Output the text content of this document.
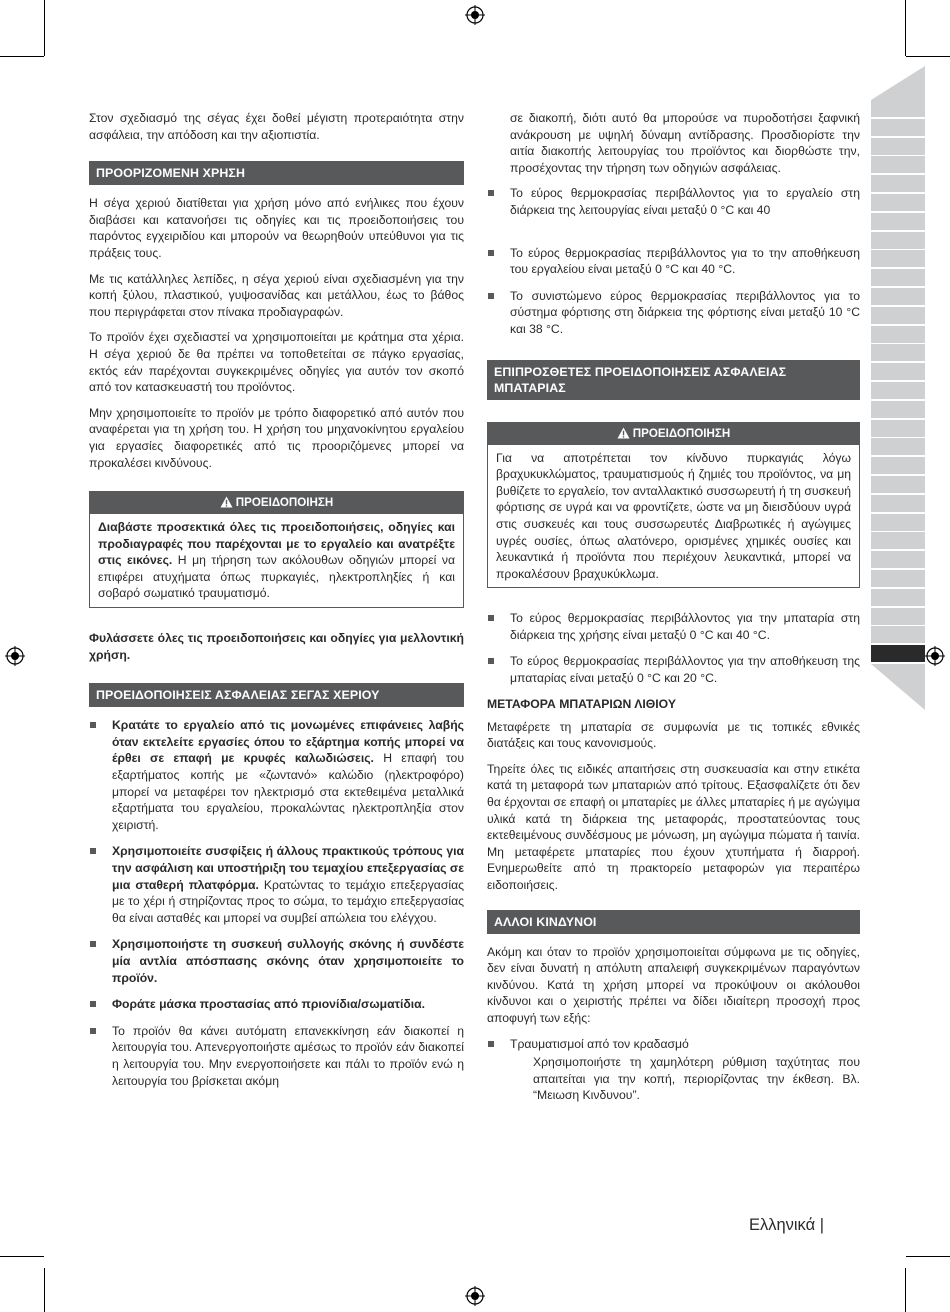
Στον σχεδιασμό της σέγας έχει δοθεί μέγιστη προτεραιότητα στην ασφάλεια, την απόδοση και την αξιοπιστία.

ΠΡΟΟΡΙΖΟΜΕΝΗ ΧΡΗΣΗ

Η σέγα χεριού διατίθεται για χρήση μόνο από ενήλικες που έχουν διαβάσει και κατανοήσει τις οδηγίες και τις προειδοποιήσεις του παρόντος εγχειριδίου και μπορούν να θεωρηθούν υπεύθυνοι για τις πράξεις τους.

Με τις κατάλληλες λεπίδες, η σέγα χεριού είναι σχεδιασμένη για την κοπή ξύλου, πλαστικού, γυψοσανίδας και μετάλλου, έως το βάθος που περιγράφεται στον πίνακα προδιαγραφών.

Το προϊόν έχει σχεδιαστεί να χρησιμοποιείται με κράτημα στα χέρια. Η σέγα χεριού δε θα πρέπει να τοποθετείται σε πάγκο εργασίας, εκτός εάν παρέχονται συγκεκριμένες οδηγίες για αυτόν τον σκοπό από τον κατασκευαστή του προϊόντος.

Μην χρησιμοποιείτε το προϊόν με τρόπο διαφορετικό από αυτόν που αναφέρεται για τη χρήση του. Η χρήση του μηχανοκίνητου εργαλείου για εργασίες διαφορετικές από τις προοριζόμενες μπορεί να προκαλέσει κινδύνους.

ΠΡΟΕΙΔΟΠΟΙΗΣΗ

Διαβάστε προσεκτικά όλες τις προειδοποιήσεις, οδηγίες και προδιαγραφές που παρέχονται με το εργαλείο και ανατρέξτε στις εικόνες. Η μη τήρηση των ακόλουθων οδηγιών μπορεί να επιφέρει ατυχήματα όπως πυρκαγιές, ηλεκτροπληξίες ή και σοβαρό σωματικό τραυματισμό.

Φυλάσσετε όλες τις προειδοποιήσεις και οδηγίες για μελλοντική χρήση.

ΠΡΟΕΙΔΟΠΟΙΗΣΕΙΣ ΑΣΦΑΛΕΙΑΣ ΣΕΓΑΣ ΧΕΡΙΟΥ
Κρατάτε το εργαλείο από τις μονωμένες επιφάνειες λαβής όταν εκτελείτε εργασίες όπου το εξάρτημα κοπής μπορεί να έρθει σε επαφή με κρυφές καλωδιώσεις. Η επαφή του εξαρτήματος κοπής με «ζωντανό» καλώδιο (ηλεκτροφόρο) μπορεί να μεταφέρει τον ηλεκτρισμό στα εκτεθειμένα μεταλλικά εξαρτήματα του εργαλείου, προκαλώντας ηλεκτροπληξία στον χειριστή.
Χρησιμοποιείτε συσφίξεις ή άλλους πρακτικούς τρόπους για την ασφάλιση και υποστήριξη του τεμαχίου επεξεργασίας σε μια σταθερή πλατφόρμα. Κρατώντας το τεμάχιο επεξεργασίας με το χέρι ή στηρίζοντας προς το σώμα, το τεμάχιο επεξεργασίας θα είναι ασταθές και μπορεί να συμβεί απώλεια του ελέγχου.
Χρησιμοποιήστε τη συσκευή συλλογής σκόνης ή συνδέστε μία αντλία απόσπασης σκόνης όταν χρησιμοποιείτε το προϊόν.
Φοράτε μάσκα προστασίας από πριονίδια/σωματίδια.
Το προϊόν θα κάνει αυτόματη επανεκκίνηση εάν διακοπεί η λειτουργία του. Απενεργοποιήστε αμέσως το προϊόν εάν διακοπεί η λειτουργία του. Μην ενεργοποιήσετε και πάλι το προϊόν ενώ η λειτουργία του βρίσκεται ακόμη

σε διακοπή, διότι αυτό θα μπορούσε να πυροδοτήσει ξαφνική ανάκρουση με υψηλή δύναμη αντίδρασης. Προσδιορίστε την αιτία διακοπής λειτουργίας του προϊόντος και διορθώστε την, προσέχοντας την τήρηση των οδηγιών ασφάλειας.

Το εύρος θερμοκρασίας περιβάλλοντος για το εργαλείο στη διάρκεια της λειτουργίας είναι μεταξύ 0 °C και 40
Το εύρος θερμοκρασίας περιβάλλοντος για το την αποθήκευση του εργαλείου είναι μεταξύ 0 °C και 40 °C.
Το συνιστώμενο εύρος θερμοκρασίας περιβάλλοντος για το σύστημα φόρτισης στη διάρκεια της φόρτισης είναι μεταξύ 10 °C και 38 °C.
ΕΠΙΠΡΟΣΘΕΤΕΣ ΠΡΟΕΙΔΟΠΟΙΗΣΕΙΣ ΑΣΦΑΛΕΙΑΣ ΜΠΑΤΑΡΙΑΣ
ΠΡΟΕΙΔΟΠΟΙΗΣΗ

Για να αποτρέπεται τον κίνδυνο πυρκαγιάς λόγω βραχυκυκλώματος, τραυματισμούς ή ζημιές του προϊόντος, να μη βυθίζετε το εργαλείο, τον ανταλλακτικό συσσωρευτή ή τη συσκευή φόρτισης σε υγρά και να φροντίζετε, ώστε να μη διεισδύουν υγρά στις συσκευές και τους συσσωρευτές Διαβρωτικές ή αγώγιμες υγρές ουσίες, όπως αλατόνερο, ορισμένες χημικές ουσίες και λευκαντικά ή προϊόντα που περιέχουν λευκαντικά, μπορεί να προκαλέσουν βραχυκύκλωμα.

Το εύρος θερμοκρασίας περιβάλλοντος για την μπαταρία στη διάρκεια της χρήσης είναι μεταξύ 0 °C και 40 °C.
Το εύρος θερμοκρασίας περιβάλλοντος για την αποθήκευση της μπαταρίας είναι μεταξύ 0 °C και 20 °C.
ΜΕΤΑΦΟΡΑ ΜΠΑΤΑΡΙΩΝ ΛΙΘΙΟΥ

Μεταφέρετε τη μπαταρία σε συμφωνία με τις τοπικές εθνικές διατάξεις και τους κανονισμούς.

Τηρείτε όλες τις ειδικές απαιτήσεις στη συσκευασία και στην ετικέτα κατά τη μεταφορά των μπαταριών από τρίτους. Εξασφαλίζετε ότι δεν θα έρχονται σε επαφή οι μπαταρίες με άλλες μπαταρίες ή με αγώγιμα υλικά κατά τη διάρκεια της μεταφοράς, προστατεύοντας τους εκτεθειμένους συνδέσμους με μόνωση, μη αγώγιμα πώματα ή ταινία. Μη μεταφέρετε μπαταρίες που έχουν χτυπήματα ή διαρροή. Ενημερωθείτε από τη πρακτορείο μεταφορών για περαιτέρω ειδοποιήσεις.

ΑΛΛΟΙ ΚΙΝΔΥΝΟΙ

Ακόμη και όταν το προϊόν χρησιμοποιείται σύμφωνα με τις οδηγίες, δεν είναι δυνατή η απόλυτη απαλειφή συγκεκριμένων παραγόντων κινδύνου. Κατά τη χρήση μπορεί να προκύψουν οι ακόλουθοι κίνδυνοι και ο χειριστής πρέπει να δίδει ιδιαίτερη προσοχή προς αποφυγή των εξής:

Τραυματισμοί από τον κραδασμό

Χρησιμοποιήστε τη χαμηλότερη ρύθμιση ταχύτητας που απαιτείται για την κοπή, περιορίζοντας την έκθεση. Βλ. “Μειωση Κινδυνου”.

Ελληνικά |
